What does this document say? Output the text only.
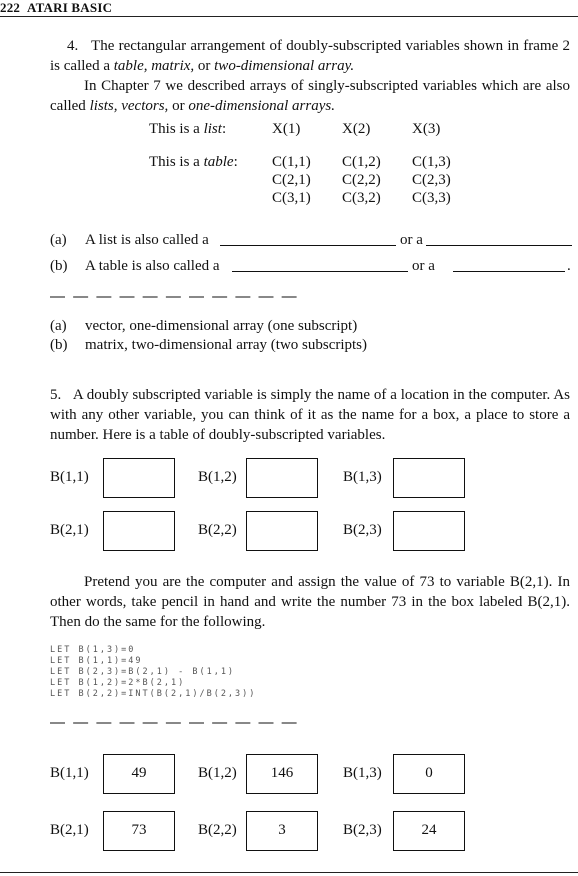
222 ATARI BASIC
4. The rectangular arrangement of doubly-subscripted variables shown in frame 2 is called a table, matrix, or two-dimensional array.
In Chapter 7 we described arrays of singly-subscripted variables which are also called lists, vectors, or one-dimensional arrays.
This is a list:	X(1)	X(2)	X(3)
This is a table: C(1,1) C(1,2) C(1,3)
C(2,1) C(2,2) C(2,3)
C(3,1) C(3,2) C(3,3)
(a) A list is also called a	or a
(b) A table is also called a	or a	.
— — — — — — — — — — —
(a) vector, one-dimensional array (one subscript)
(b) matrix, two-dimensional array (two subscripts)
5. A doubly subscripted variable is simply the name of a location in the computer. As with any other variable, you can think of it as the name for a box, a place to store a number. Here is a table of doubly-subscripted variables.
B(1,1)	B(1,2)	B(1,3)
B(2,1)	B(2,2)	B(2,3)
Pretend you are the computer and assign the value of 73 to variable B(2,1). In other words, take pencil in hand and write the number 73 in the box labeled B(2,1). Then do the same for the following.
LET B(1,3)=0
LET B(1,1)=49
LET B(2,3)=B(2,1) - B(1,1)
LET B(1,2)=2*B(2,1)
LET B(2,2)=INT(B(2,1)/B(2,3))
— — — — — — — — — — —
B(1,1)	49	B(1,2)	146	B(1,3)	0
B(2,1)	73	B(2,2)	3	B(2,3)	24
